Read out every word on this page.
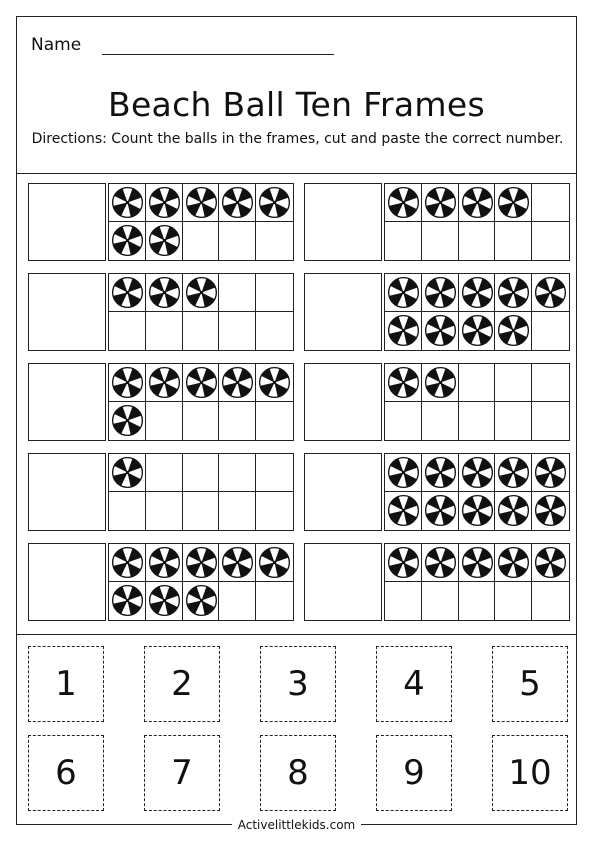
Name
Beach Ball Ten Frames
Directions: Count the balls in the frames, cut and paste the correct number.
1	2	3	4	5
6	7	8	9	10
Activelittlekids.com
